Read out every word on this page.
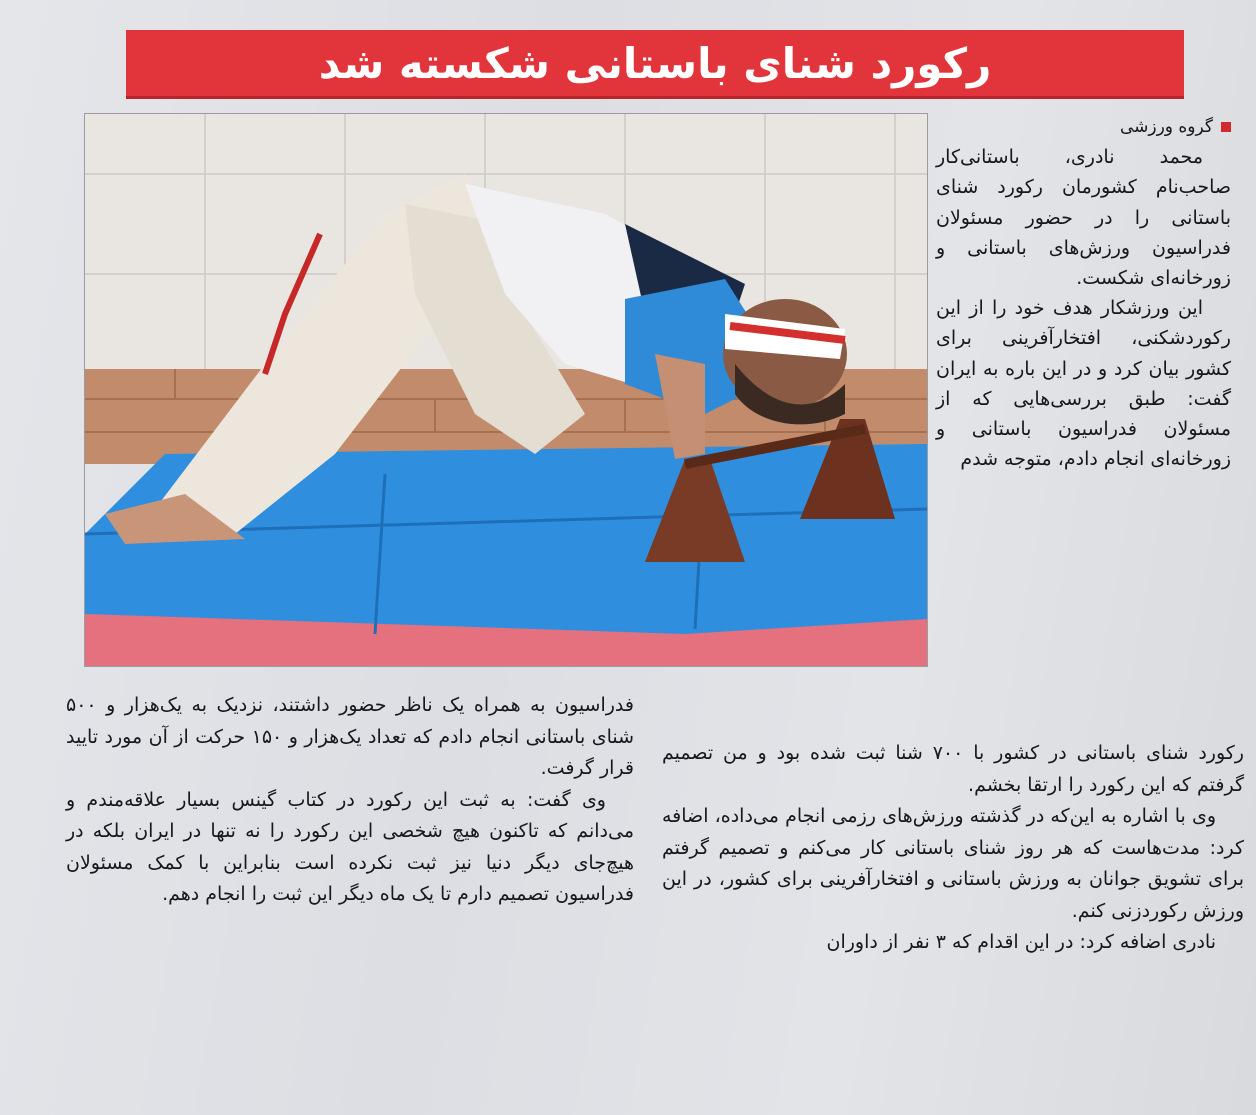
رکورد شنای باستانی شکسته شد
گروه ورزشی

محمد نادری، باستانی‌کار صاحب‌نام کشورمان رکورد شنای باستانی را در حضور مسئولان فدراسیون ورزش‌های باستانی و زورخانه‌ای شکست.

این ورزشکار هدف خود را از این رکوردشکنی، افتخارآفرینی برای کشور بیان کرد و در این باره به ایران گفت: طبق بررسی‌هایی که از مسئولان فدراسیون باستانی و زورخانه‌ای انجام دادم، متوجه شدم

رکورد شنای باستانی در کشور با ۷۰۰ شنا ثبت شده بود و من تصمیم گرفتم که این رکورد را ارتقا بخشم.

وی با اشاره به این‌که در گذشته ورزش‌های رزمی انجام می‌داده، اضافه کرد: مدت‌هاست که هر روز شنای باستانی کار می‌کنم و تصمیم گرفتم برای تشویق جوانان به ورزش باستانی و افتخارآفرینی برای کشور، در این ورزش رکوردزنی کنم.

نادری اضافه کرد: در این اقدام که ۳ نفر از داوران

فدراسیون به همراه یک ناظر حضور داشتند، نزدیک به یک‌هزار و ۵۰۰ شنای باستانی انجام دادم که تعداد یک‌هزار و ۱۵۰ حرکت از آن مورد تایید قرار گرفت.

وی گفت: به ثبت این رکورد در کتاب گینس بسیار علاقه‌مندم و می‌دانم که تاکنون هیچ شخصی این رکورد را نه تنها در ایران بلکه در هیچ‌جای دیگر دنیا نیز ثبت نکرده است بنابراین با کمک مسئولان فدراسیون تصمیم دارم تا یک ماه دیگر این ثبت را انجام دهم.
